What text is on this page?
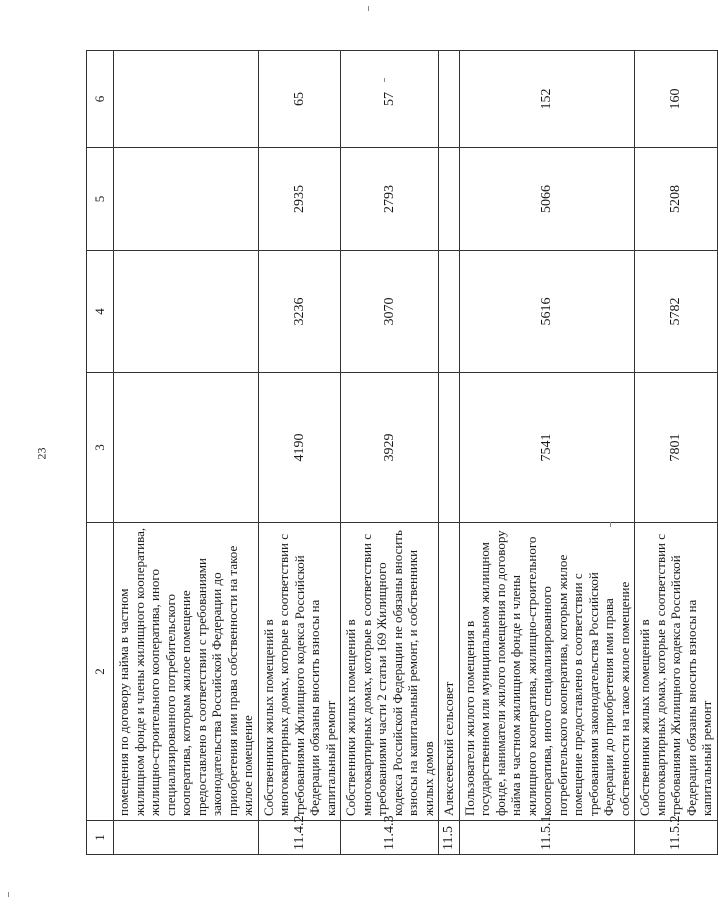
23
1	2	3	4	5	6
	помещения по договору найма в частном жилищном фонде и члены жилищного кооператива, жилищно-строительного кооператива, иного специализированного потребительского кооператива, которым жилое помещение предоставлено в соответствии с требованиями законодательства Российской Федерации до приобретения ими права собственности на такое жилое помещение				
11.4.2	Собственники жилых помещений в многоквартирных домах, которые в соответствии с требованиями Жилищного кодекса Российской Федерации обязаны вносить взносы на капитальный ремонт	4190	3236	2935	65
11.4.3	Собственники жилых помещений в многоквартирных домах, которые в соответствии с требованиями части 2 статьи 169 Жилищного кодекса Российской Федерации не обязаны вносить взносы на капитальный ремонт, и собственники жилых домов	3929	3070	2793	57
11.5	Алексеевский сельсовет				
11.5.1	Пользователи жилого помещения в государственном или муниципальном жилищном фонде, наниматели жилого помещения по договору найма в частном жилищном фонде и члены жилищного кооператива, жилищно-строительного кооператива, иного специализированного потребительского кооператива, которым жилое помещение предоставлено в соответствии с требованиями законодательства Российской Федерации до приобретения ими права собственности на такое жилое помещение	7541	5616	5066	152
11.5.2	Собственники жилых помещений в многоквартирных домах, которые в соответствии с требованиями Жилищного кодекса Российской Федерации обязаны вносить взносы на капитальный ремонт	7801	5782	5208	160
